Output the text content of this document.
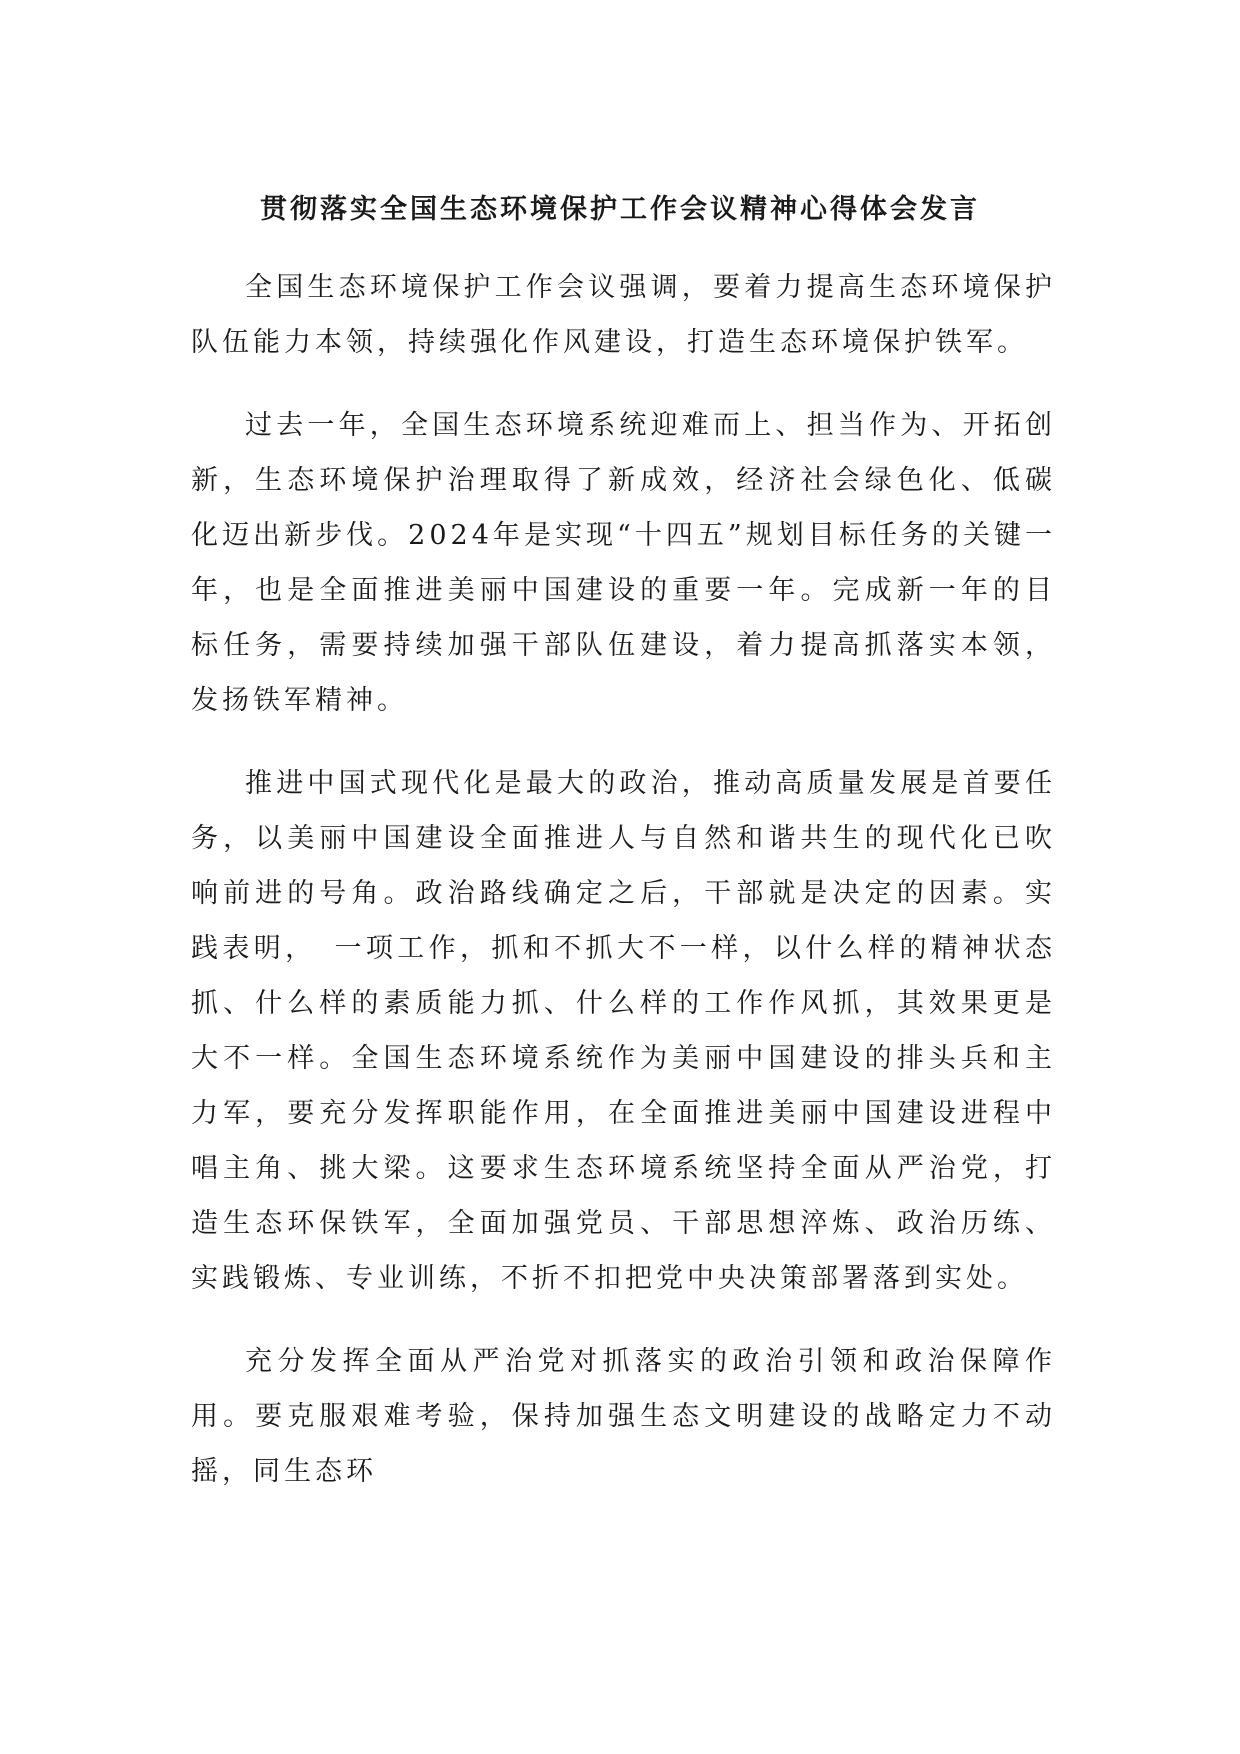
贯彻落实全国生态环境保护工作会议精神心得体会发言

全国生态环境保护工作会议强调，要着力提高生态环境保护队伍能力本领，持续强化作风建设，打造生态环境保护铁军。

过去一年，全国生态环境系统迎难而上、担当作为、开拓创新，生态环境保护治理取得了新成效，经济社会绿色化、低碳化迈出新步伐。2024年是实现“十四五”规划目标任务的关键一年，也是全面推进美丽中国建设的重要一年。完成新一年的目标任务，需要持续加强干部队伍建设，着力提高抓落实本领，发扬铁军精神。

推进中国式现代化是最大的政治，推动高质量发展是首要任务，以美丽中国建设全面推进人与自然和谐共生的现代化已吹响前进的号角。政治路线确定之后，干部就是决定的因素。实践表明，　一项工作，抓和不抓大不一样，以什么样的精神状态抓、什么样的素质能力抓、什么样的工作作风抓，其效果更是大不一样。全国生态环境系统作为美丽中国建设的排头兵和主力军，要充分发挥职能作用，在全面推进美丽中国建设进程中唱主角、挑大梁。这要求生态环境系统坚持全面从严治党，打造生态环保铁军，全面加强党员、干部思想淬炼、政治历练、实践锻炼、专业训练，不折不扣把党中央决策部署落到实处。

充分发挥全面从严治党对抓落实的政治引领和政治保障作用。要克服艰难考验，保持加强生态文明建设的战略定力不动摇，同生态环
